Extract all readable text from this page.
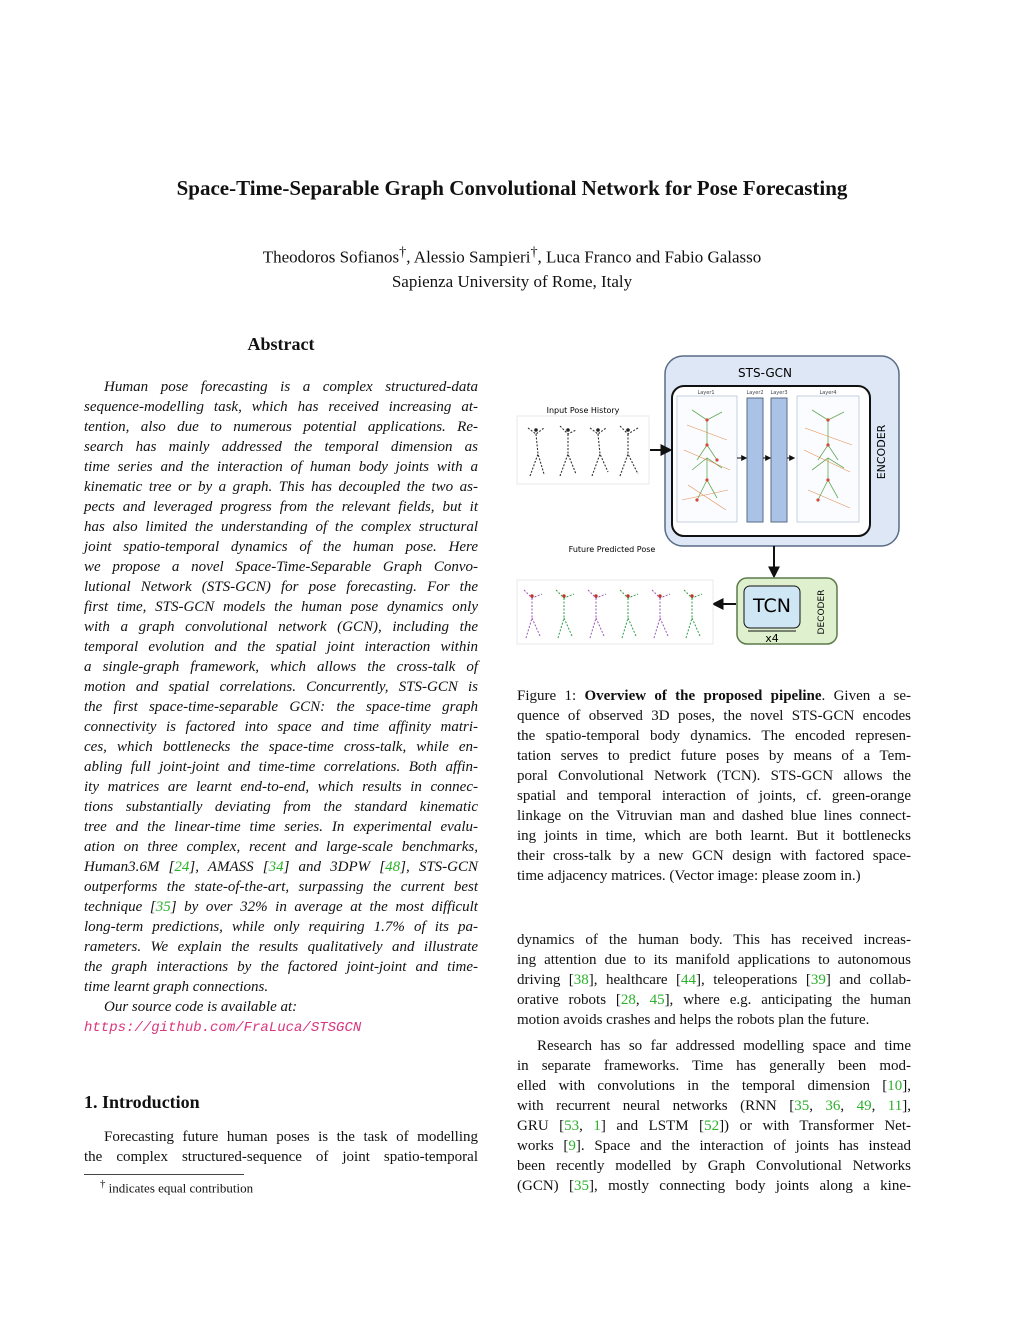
Space-Time-Separable Graph Convolutional Network for Pose Forecasting
Theodoros Sofianos†, Alessio Sampieri†, Luca Franco and Fabio Galasso
Sapienza University of Rome, Italy
Abstract
Human pose forecasting is a complex structured-data
sequence-modelling task, which has received increasing at-
tention, also due to numerous potential applications. Re-
search has mainly addressed the temporal dimension as
time series and the interaction of human body joints with a
kinematic tree or by a graph. This has decoupled the two as-
pects and leveraged progress from the relevant fields, but it
has also limited the understanding of the complex structural
joint spatio-temporal dynamics of the human pose. Here
we propose a novel Space-Time-Separable Graph Convo-
lutional Network (STS-GCN) for pose forecasting. For the
first time, STS-GCN models the human pose dynamics only
with a graph convolutional network (GCN), including the
temporal evolution and the spatial joint interaction within
a single-graph framework, which allows the cross-talk of
motion and spatial correlations. Concurrently, STS-GCN is
the first space-time-separable GCN: the space-time graph
connectivity is factored into space and time affinity matri-
ces, which bottlenecks the space-time cross-talk, while en-
abling full joint-joint and time-time correlations. Both affin-
ity matrices are learnt end-to-end, which results in connec-
tions substantially deviating from the standard kinematic
tree and the linear-time time series. In experimental evalu-
ation on three complex, recent and large-scale benchmarks,
Human3.6M [24], AMASS [34] and 3DPW [48], STS-GCN
outperforms the state-of-the-art, surpassing the current best
technique [35] by over 32% in average at the most difficult
long-term predictions, while only requiring 1.7% of its pa-
rameters. We explain the results qualitatively and illustrate
the graph interactions by the factored joint-joint and time-
time learnt graph connections.
Our source code is available at:
https://github.com/FraLuca/STSGCN
1. Introduction
Forecasting future human poses is the task of modelling
the complex structured-sequence of joint spatio-temporal
† indicates equal contribution
STS-GCN
ENCODER
Layer1	Layer2 Layer3	Layer4
Input Pose History
TCN
x4
DECODER
Future Predicted Pose
Figure 1: Overview of the proposed pipeline. Given a se-
quence of observed 3D poses, the novel STS-GCN encodes
the spatio-temporal body dynamics. The encoded represen-
tation serves to predict future poses by means of a Tem-
poral Convolutional Network (TCN). STS-GCN allows the
spatial and temporal interaction of joints, cf. green-orange
linkage on the Vitruvian man and dashed blue lines connect-
ing joints in time, which are both learnt. But it bottlenecks
their cross-talk by a new GCN design with factored space-
time adjacency matrices. (Vector image: please zoom in.)
dynamics of the human body. This has received increas-
ing attention due to its manifold applications to autonomous
driving [38], healthcare [44], teleoperations [39] and collab-
orative robots [28, 45], where e.g. anticipating the human
motion avoids crashes and helps the robots plan the future.
Research has so far addressed modelling space and time
in separate frameworks. Time has generally been mod-
elled with convolutions in the temporal dimension [10],
with recurrent neural networks (RNN [35, 36, 49, 11],
GRU [53, 1] and LSTM [52]) or with Transformer Net-
works [9]. Space and the interaction of joints has instead
been recently modelled by Graph Convolutional Networks
(GCN) [35], mostly connecting body joints along a kine-
